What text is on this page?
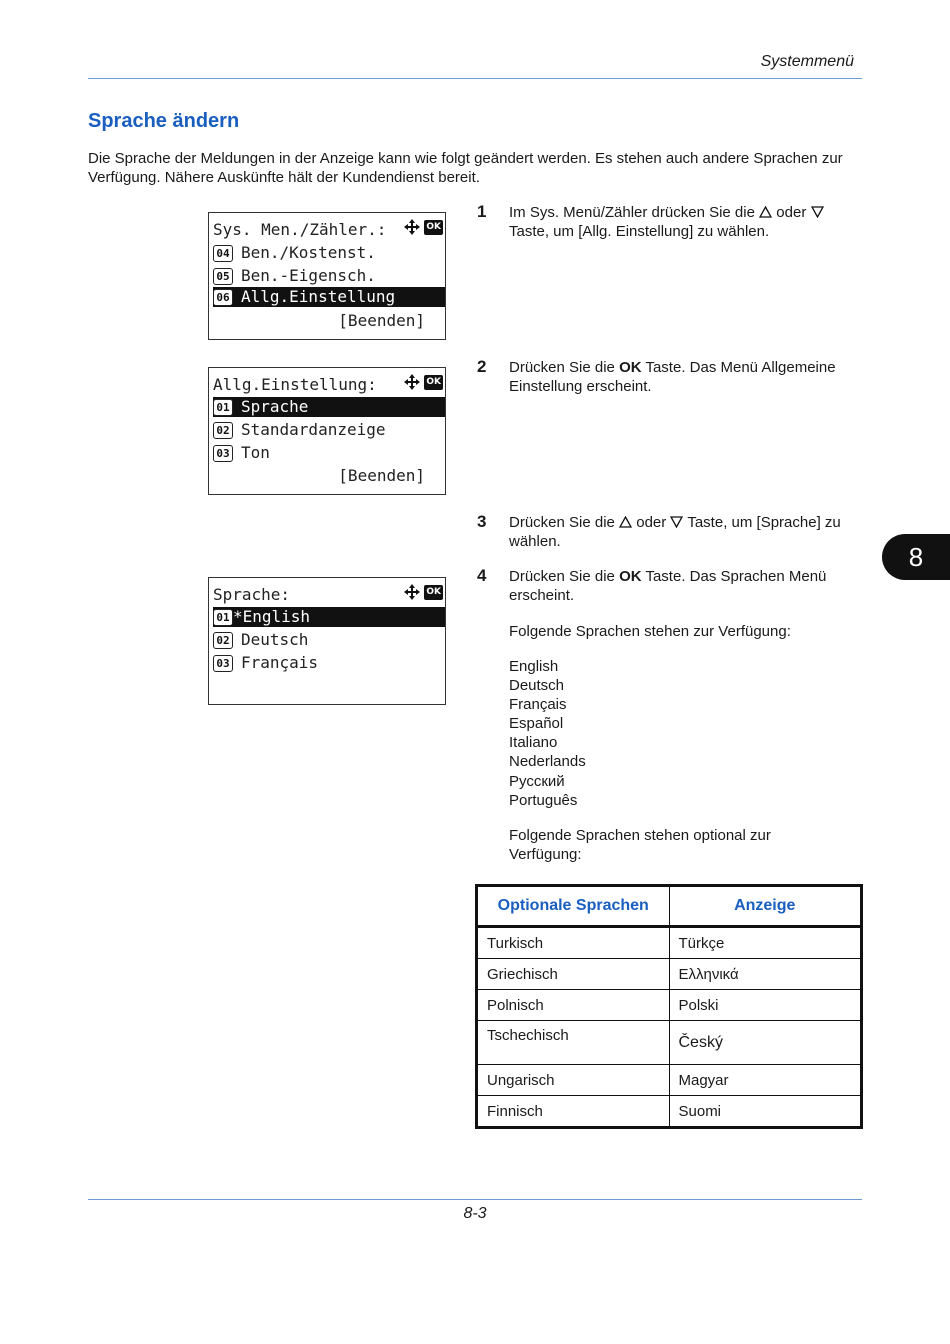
Systemmenü
Sprache ändern
Die Sprache der Meldungen in der Anzeige kann wie folgt geändert werden. Es stehen auch andere Sprachen zur Verfügung. Nähere Auskünfte hält der Kundendienst bereit.
Sys. Men./Zähler.:	OK
04 Ben./Kostenst.
05 Ben.-Eigensch.
06 Allg.Einstellung
[Beenden]
Allg.Einstellung:	OK
01 Sprache
02 Standardanzeige
03 Ton
[Beenden]
Sprache:	OK
01 *English
02 Deutsch
03 Français
1 Im Sys. Menü/Zähler drücken Sie die oder  Taste, um [Allg. Einstellung] zu wählen.
2 Drücken Sie die OK Taste. Das Menü Allgemeine Einstellung erscheint.
3 Drücken Sie die oder Taste, um [Sprache] zu wählen.
4 Drücken Sie die OK Taste. Das Sprachen Menü erscheint.
Folgende Sprachen stehen zur Verfügung:
English
Deutsch
Français
Español
Italiano
Nederlands
Русский
Português
Folgende Sprachen stehen optional zur Verfügung:
Optionale Sprachen	Anzeige
Turkisch	Türkçe
Griechisch	Ελληνικά
Polnisch	Polski
Tschechisch	Český
Ungarisch	Magyar
Finnisch	Suomi
8
8-3
